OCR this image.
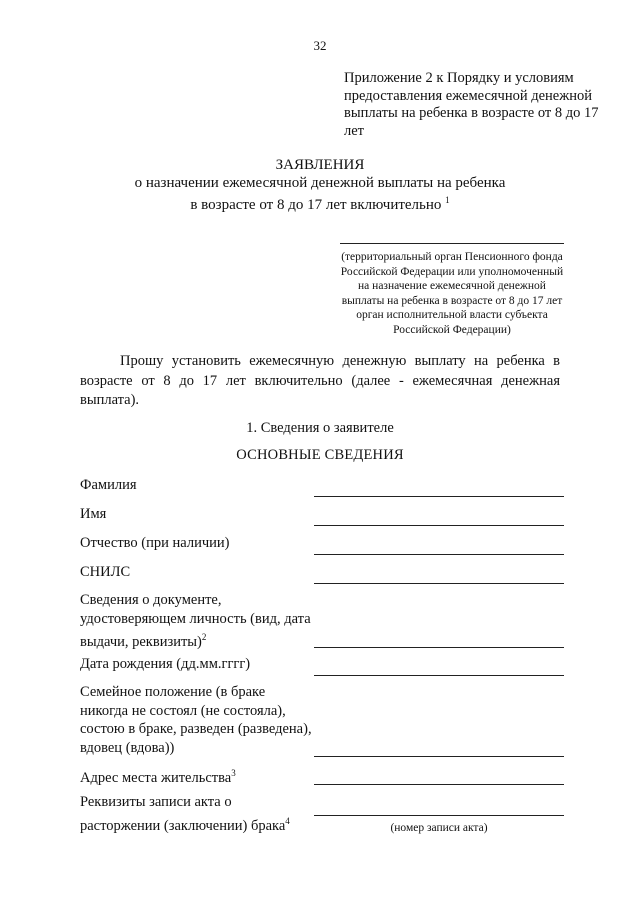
32
Приложение 2 к Порядку и условиям предоставления ежемесячной денежной выплаты на ребенка в возрасте от 8 до 17 лет
ЗАЯВЛЕНИЯ
о назначении ежемесячной денежной выплаты на ребенка
в возрасте от 8 до 17 лет включительно $^1$
(территориальный орган Пенсионного фонда Российской Федерации или уполномоченный на назначение ежемесячной денежной выплаты на ребенка в возрасте от 8 до 17 лет орган исполнительной власти субъекта Российской Федерации)
Прошу установить ежемесячную денежную выплату на ребенка в возрасте от 8 до 17 лет включительно (далее - ежемесячная денежная выплата).
1. Сведения о заявителе
ОСНОВНЫЕ СВЕДЕНИЯ
Фамилия
Имя
Отчество (при наличии)
СНИЛС
Сведения о документе, удостоверяющем личность (вид, дата выдачи, реквизиты)$^2$
Дата рождения (дд.мм.гггг)
Семейное положение (в браке никогда не состоял (не состояла), состою в браке, разведен (разведена), вдовец (вдова))
Адрес места жительства$^3$
Реквизиты записи акта о расторжении (заключении) брака$^4$
(номер записи акта)
